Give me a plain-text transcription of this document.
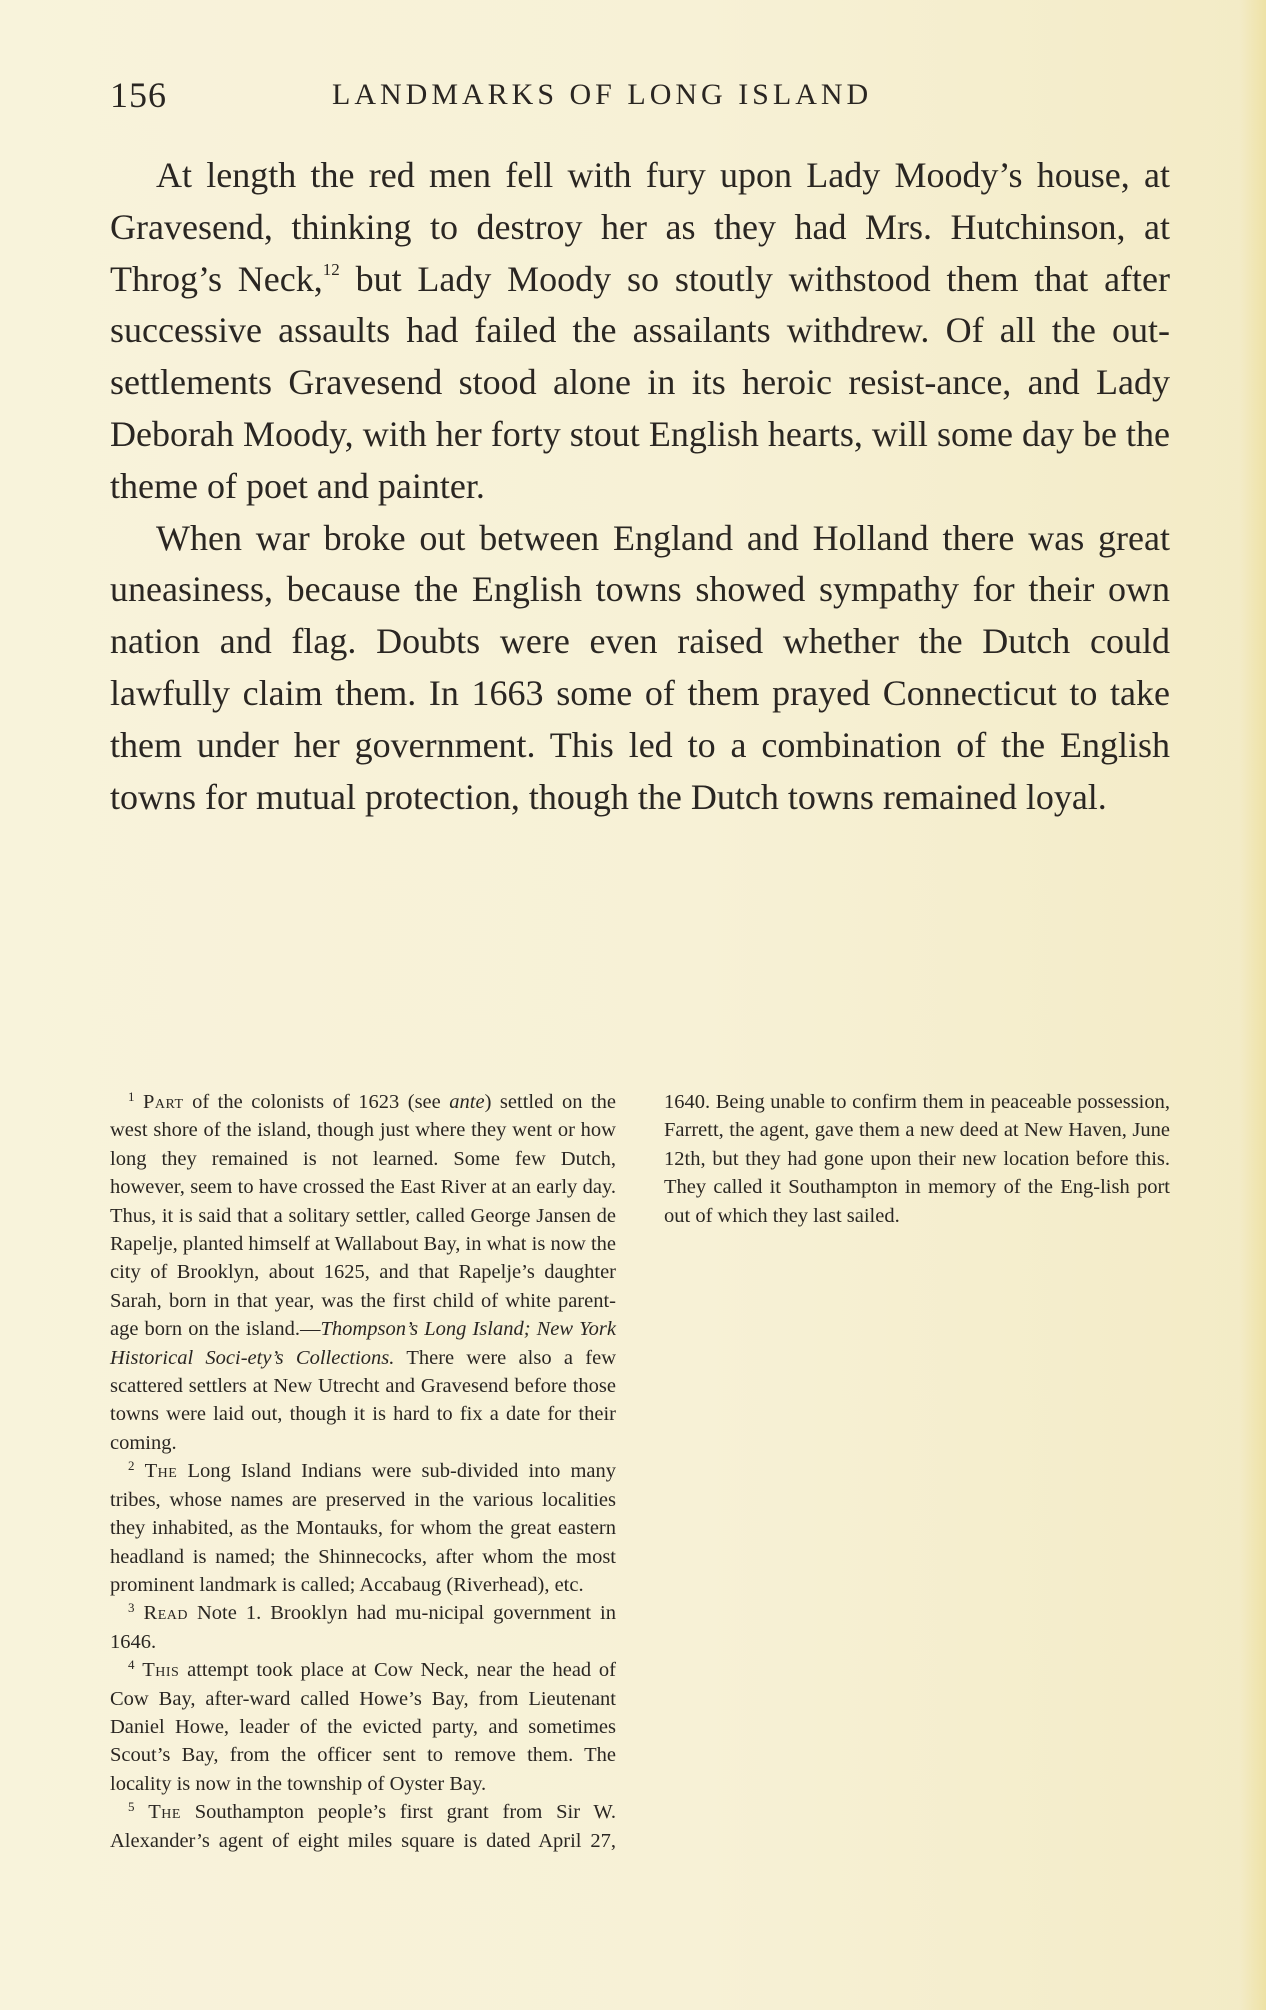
156	LANDMARKS OF LONG ISLAND

At length the red men fell with fury upon Lady Moody’s house, at Gravesend, thinking to destroy her as they had Mrs. Hutchinson, at Throg’s Neck,$^{12}$ but Lady Moody so stoutly withstood them that after successive assaults had failed the assailants withdrew. Of all the out-settlements Gravesend stood alone in its heroic resist-ance, and Lady Deborah Moody, with her forty stout English hearts, will some day be the theme of poet and painter.

When war broke out between England and Holland there was great uneasiness, because the English towns showed sympathy for their own nation and flag. Doubts were even raised whether the Dutch could lawfully claim them. In 1663 some of them prayed Connecticut to take them under her government. This led to a combination of the English towns for mutual protection, though the Dutch towns remained loyal.

$^1$ Part of the colonists of 1623 (see ante) settled on the west shore of the island, though just where they went or how long they remained is not learned. Some few Dutch, however, seem to have crossed the East River at an early day. Thus, it is said that a solitary settler, called George Jansen de Rapelje, planted himself at Wallabout Bay, in what is now the city of Brooklyn, about 1625, and that Rapelje’s daughter Sarah, born in that year, was the first child of white parent-age born on the island.—Thompson’s Long Island; New York Historical Soci-ety’s Collections. There were also a few scattered settlers at New Utrecht and Gravesend before those towns were laid out, though it is hard to fix a date for their coming.

$^2$ The Long Island Indians were sub-divided into many tribes, whose names are preserved in the various localities they inhabited, as the Montauks, for whom the great eastern headland is named; the Shinnecocks, after whom the most prominent landmark is called; Accabaug (Riverhead), etc.

$^3$ Read Note 1. Brooklyn had mu-nicipal government in 1646.

$^4$ This attempt took place at Cow Neck, near the head of Cow Bay, after-ward called Howe’s Bay, from Lieutenant Daniel Howe, leader of the evicted party, and sometimes Scout’s Bay, from the officer sent to remove them. The locality is now in the township of Oyster Bay.

$^5$ The Southampton people’s first grant from Sir W. Alexander’s agent of eight miles square is dated April 27, 1640. Being unable to confirm them in peaceable possession, Farrett, the agent, gave them a new deed at New Haven, June 12th, but they had gone upon their new location before this. They called it Southampton in memory of the Eng-lish port out of which they last sailed.
